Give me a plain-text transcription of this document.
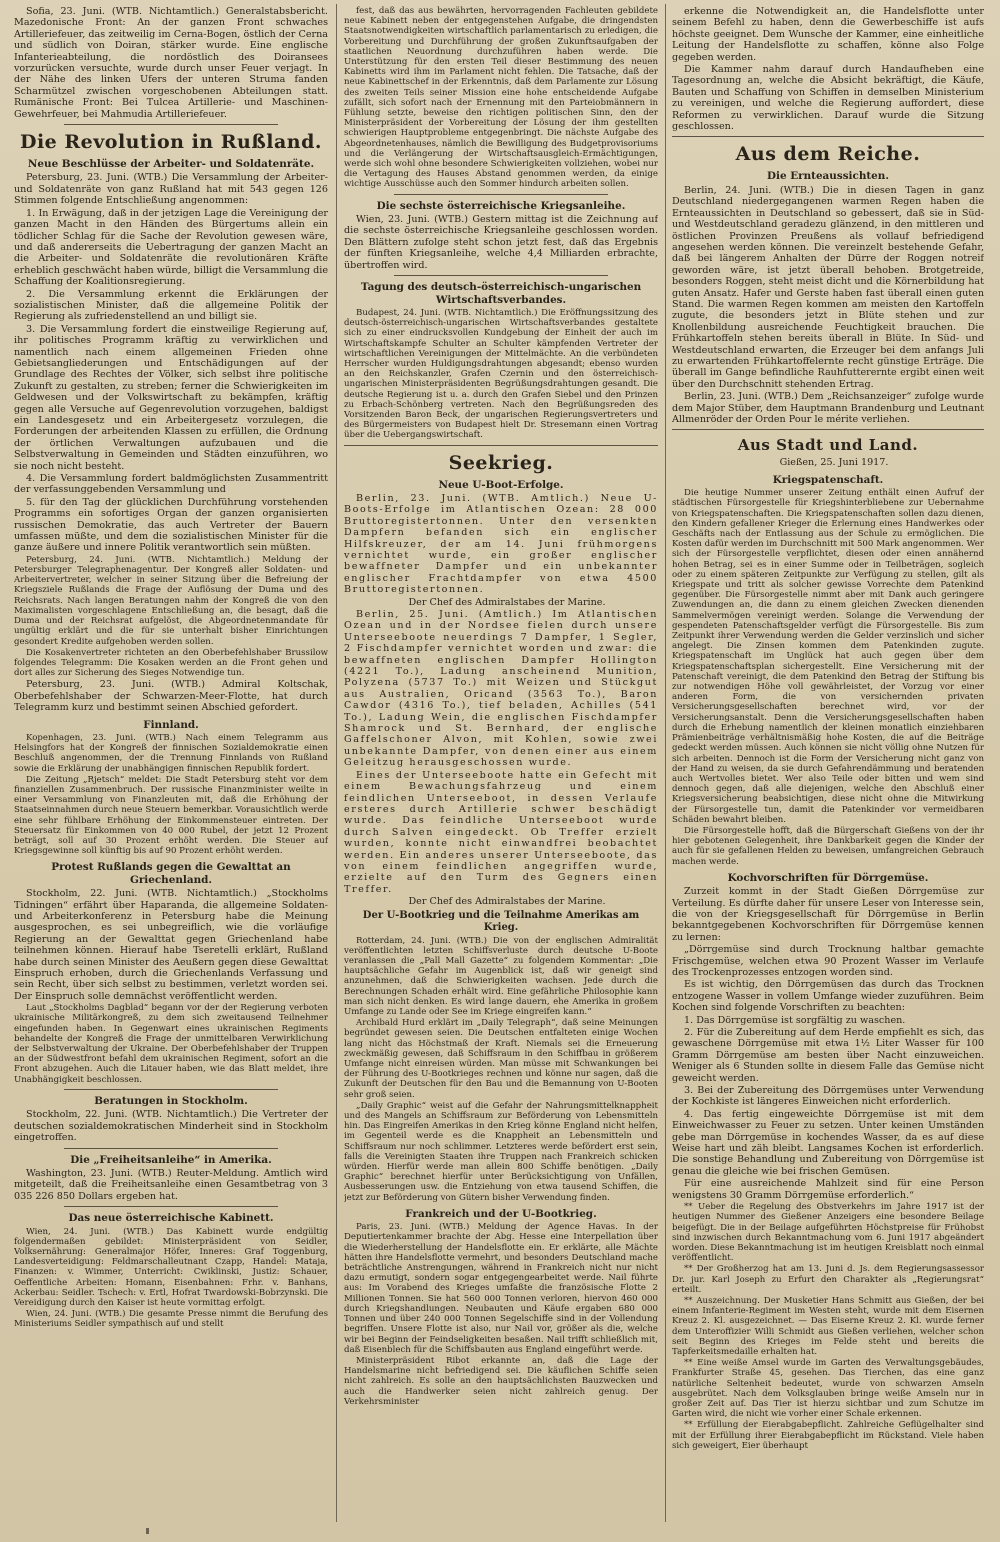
Sofia, 23. Juni. (WTB. Nichtamtlich.) Generalstabsbericht. Mazedonische Front: An der ganzen Front schwaches Artilleriefeuer, das zeitweilig im Cerna-Bogen, östlich der Cerna und südlich von Doiran, stärker wurde. Eine englische Infanterieabteilung, die nordöstlich des Doiransees vorzurücken versuchte, wurde durch unser Feuer verjagt. In der Nähe des linken Ufers der unteren Struma fanden Scharmützel zwischen vorgeschobenen Abteilungen statt. Rumänische Front: Bei Tulcea Artillerie- und Maschinen-Gewehrfeuer, bei Mahmudia Artilleriefeuer.

Die Revolution in Rußland.
Neue Beschlüsse der Arbeiter- und Soldatenräte.

Petersburg, 23. Juni. (WTB.) Die Versammlung der Arbeiter- und Soldatenräte von ganz Rußland hat mit 543 gegen 126 Stimmen folgende Entschließung angenommen:

1. In Erwägung, daß in der jetzigen Lage die Vereinigung der ganzen Macht in den Händen des Bürgertums allein ein tödlicher Schlag für die Sache der Revolution gewesen wäre, und daß andererseits die Uebertragung der ganzen Macht an die Arbeiter- und Soldatenräte die revolutionären Kräfte erheblich geschwächt haben würde, billigt die Versammlung die Schaffung der Koalitionsregierung.

2. Die Versammlung erkennt die Erklärungen der sozialistischen Minister, daß die allgemeine Politik der Regierung als zufriedenstellend an und billigt sie.

3. Die Versammlung fordert die einstweilige Regierung auf, ihr politisches Programm kräftig zu verwirklichen und namentlich nach einem allgemeinen Frieden ohne Gebietsangliederungen und Entschädigungen auf der Grundlage des Rechtes der Völker, sich selbst ihre politische Zukunft zu gestalten, zu streben; ferner die Schwierigkeiten im Geldwesen und der Volkswirtschaft zu bekämpfen, kräftig gegen alle Versuche auf Gegenrevolution vorzugehen, baldigst ein Landesgesetz und ein Arbeitergesetz vorzulegen, die Forderungen der arbeitenden Klassen zu erfüllen, die Ordnung der örtlichen Verwaltungen aufzubauen und die Selbstverwaltung in Gemeinden und Städten einzuführen, wo sie noch nicht besteht.

4. Die Versammlung fordert baldmöglichsten Zusammentritt der verfassunggebenden Versammlung und

5. für den Tag der glücklichen Durchführung vorstehenden Programms ein sofortiges Organ der ganzen organisierten russischen Demokratie, das auch Vertreter der Bauern umfassen müßte, und dem die sozialistischen Minister für die ganze äußere und innere Politik verantwortlich sein müßten.

Petersburg, 24. Juni. (WTB. Nichtamtlich.) Meldung der Petersburger Telegraphenagentur. Der Kongreß aller Soldaten- und Arbeitervertreter, welcher in seiner Sitzung über die Befreiung der Kriegsziele Rußlands die Frage der Auflösung der Duma und des Reichsrats. Nach langen Beratungen nahm der Kongreß die von den Maximalisten vorgeschlagene Entschließung an, die besagt, daß die Duma und der Reichsrat aufgelöst, die Abgeordnetenmandate für ungültig erklärt und die für sie unterhalt bisher Einrichtungen gesondert Kredite aufgehoben werden sollen.

Die Kosakenvertreter richteten an den Oberbefehlshaber Brussilow folgendes Telegramm: Die Kosaken werden an die Front gehen und dort alles zur Sicherung des Sieges Notwendige tun.

Petersburg, 23. Juni. (WTB.) Admiral Koltschak, Oberbefehlshaber der Schwarzen-Meer-Flotte, hat durch Telegramm kurz und bestimmt seinen Abschied gefordert.

Finnland.

Kopenhagen, 23. Juni. (WTB.) Nach einem Telegramm aus Helsingfors hat der Kongreß der finnischen Sozialdemokratie einen Beschluß angenommen, der die Trennung Finnlands von Rußland sowie die Erklärung der unabhängigen finnischen Republik fordert.

Die Zeitung „Rjetsch“ meldet: Die Stadt Petersburg steht vor dem finanziellen Zusammenbruch. Der russische Finanzminister weilte in einer Versammlung von Finanzleuten mit, daß die Erhöhung der Staatseinnahmen durch neue Steuern bemerkbar. Vorausichtlich werde eine sehr fühlbare Erhöhung der Einkommensteuer eintreten. Der Steuersatz für Einkommen von 40 000 Rubel, der jetzt 12 Prozent beträgt, soll auf 30 Prozent erhöht werden. Die Steuer auf Kriegsgewinne soll künftig bis auf 90 Prozent erhöht werden.

Protest Rußlands gegen die Gewalttat an Griechenland.

Stockholm, 22. Juni. (WTB. Nichtamtlich.) „Stockholms Tidningen“ erfährt über Haparanda, die allgemeine Soldaten- und Arbeiterkonferenz in Petersburg habe die Meinung ausgesprochen, es sei unbegreiflich, wie die vorläufige Regierung an der Gewalttat gegen Griechenland habe teilnehmen können. Hierauf habe Tseretelli erklärt, Rußland habe durch seinen Minister des Aeußern gegen diese Gewalttat Einspruch erhoben, durch die Griechenlands Verfassung und sein Recht, über sich selbst zu bestimmen, verletzt worden sei. Der Einspruch solle demnächst veröffentlicht werden.

Laut „Stockholms Dagblad“ begann vor der der Regierung verboten ukrainische Militärkongreß, zu dem sich zweitausend Teilnehmer eingefunden haben. In Gegenwart eines ukrainischen Regiments behandelte der Kongreß die Frage der unmittelbaren Verwirklichung der Selbstverwaltung der Ukraine. Der Oberbefehlshaber der Truppen an der Südwestfront befahl dem ukrainischen Regiment, sofort an die Front abzugehen. Auch die Litauer haben, wie das Blatt meldet, ihre Unabhängigkeit beschlossen.

Beratungen in Stockholm.

Stockholm, 22. Juni. (WTB. Nichtamtlich.) Die Vertreter der deutschen sozialdemokratischen Minderheit sind in Stockholm eingetroffen.

Die „Freiheitsanleihe“ in Amerika.

Washington, 23. Juni. (WTB.) Reuter-Meldung. Amtlich wird mitgeteilt, daß die Freiheitsanleihe einen Gesamtbetrag von 3 035 226 850 Dollars ergeben hat.

Das neue österreichische Kabinett.

Wien, 24. Juni. (WTB.) Das Kabinett wurde endgültig folgendermaßen gebildet: Ministerpräsident von Seidler, Volksernährung: Generalmajor Höfer, Inneres: Graf Toggenburg, Landesverteidigung: Feldmarschalleutnant Czapp, Handel: Mataja, Finanzen: v. Wimmer, Unterricht: Cwiklinski, Justiz: Schauer, Oeffentliche Arbeiten: Homann, Eisenbahnen: Frhr. v. Banhans, Ackerbau: Seidler. Tschech: v. Ertl, Hofrat Twardowski-Bobrzynski. Die Vereidigung durch den Kaiser ist heute vormittag erfolgt.

Wien, 24. Juni. (WTB.) Die gesamte Presse nimmt die Berufung des Ministeriums Seidler sympathisch auf und stellt

fest, daß das aus bewährten, hervorragenden Fachleuten gebildete neue Kabinett neben der entgegenstehen Aufgabe, die dringendsten Staatsnotwendigkeiten wirtschaftlich parlamentarisch zu erledigen, die Vorbereitung und Durchführung der großen Zukunftsaufgaben der staatlichen Neuordnung durchzuführen haben werde. Die Unterstützung für den ersten Teil dieser Bestimmung des neuen Kabinetts wird ihm im Parlament nicht fehlen. Die Tatsache, daß der neue Kabinettschef in der Erkenntnis, daß dem Parlamente zur Lösung des zweiten Teils seiner Mission eine hohe entscheidende Aufgabe zufällt, sich sofort nach der Ernennung mit den Parteiobmännern in Fühlung setzte, beweise den richtigen politischen Sinn, den der Ministerpräsident der Vorbereitung der Lösung der ihm gestellten schwierigen Hauptprobleme entgegenbringt. Die nächste Aufgabe des Abgeordnetenhauses, nämlich die Bewilligung des Budgetprovisoriums und die Verlängerung der Wirtschaftsausgleich-Ermächtigungen, werde sich wohl ohne besondere Schwierigkeiten vollziehen, wobei nur die Vertagung des Hauses Abstand genommen werden, da einige wichtige Ausschüsse auch den Sommer hindurch arbeiten sollen.

Die sechste österreichische Kriegsanleihe.

Wien, 23. Juni. (WTB.) Gestern mittag ist die Zeichnung auf die sechste österreichische Kriegsanleihe geschlossen worden. Den Blättern zufolge steht schon jetzt fest, daß das Ergebnis der fünften Kriegsanleihe, welche 4,4 Milliarden erbrachte, übertroffen wird.

Tagung des deutsch-österreichisch-ungarischen Wirtschaftsverbandes.

Budapest, 24. Juni. (WTB. Nichtamtlich.) Die Eröffnungssitzung des deutsch-österreichisch-ungarischen Wirtschaftsverbandes gestaltete sich zu einer eindrucksvollen Kundgebung der Einheit der auch im Wirtschaftskampfe Schulter an Schulter kämpfenden Vertreter der wirtschaftlichen Vereinigungen der Mittelmächte. An die verbündeten Herrscher wurden Huldigungsdrahtungen abgesandt; ebenso wurden an den Reichskanzler, Grafen Czernin und den österreichisch-ungarischen Ministerpräsidenten Begrüßungsdrahtungen gesandt. Die deutsche Regierung ist u. a. durch den Grafen Siebel und den Prinzen zu Erbach-Schönberg vertreten. Nach den Begrüßungsreden des Vorsitzenden Baron Beck, der ungarischen Regierungsvertreters und des Bürgermeisters von Budapest hielt Dr. Stresemann einen Vortrag über die Uebergangswirtschaft.

Seekrieg.
Neue U-Boot-Erfolge.

Berlin, 23. Juni. (WTB. Amtlich.) Neue U-Boots-Erfolge im Atlantischen Ozean: 28 000 Bruttoregistertonnen. Unter den versenkten Dampfern befanden sich ein englischer Hilfskreuzer, der am 14. Juni frühmorgens vernichtet wurde, ein großer englischer bewaffneter Dampfer und ein unbekannter englischer Frachtdampfer von etwa 4500 Bruttoregistertonnen.

Der Chef des Admiralstabes der Marine.

Berlin, 25. Juni. (Amtlich.) Im Atlantischen Ozean und in der Nordsee fielen durch unsere Unterseeboote neuerdings 7 Dampfer, 1 Segler, 2 Fischdampfer vernichtet worden und zwar: die bewaffneten englischen Dampfer Hollington (4221 To.), Ladung anscheinend Munition, Polyzena (5737 To.) mit Weizen und Stückgut aus Australien, Oricand (3563 To.), Baron Cawdor (4316 To.), tief beladen, Achilles (541 To.), Ladung Wein, die englischen Fischdampfer Shamrock und St. Bernhard, der englische Gaffelschoner Alvon, mit Kohlen, sowie zwei unbekannte Dampfer, von denen einer aus einem Geleitzug herausgeschossen wurde.

Eines der Unterseeboote hatte ein Gefecht mit einem Bewachungsfahrzeug und einem feindlichen Unterseeboot, in dessen Verlaufe ersteres durch Artillerie schwer beschädigt wurde. Das feindliche Unterseeboot wurde durch Salven eingedeckt. Ob Treffer erzielt wurden, konnte nicht einwandfrei beobachtet werden. Ein anderes unserer Unterseeboote, das von einem feindlichen angegriffen wurde, erzielte auf den Turm des Gegners einen Treffer.

Der Chef des Admiralstabes der Marine.

Der U-Bootkrieg und die Teilnahme Amerikas am Krieg.

Rotterdam, 24. Juni. (WTB.) Die von der englischen Admiralität veröffentlichten letzten Schiffsverluste durch deutsche U-Boote veranlassen die „Pall Mall Gazette“ zu folgendem Kommentar: „Die hauptsächliche Gefahr im Augenblick ist, daß wir geneigt sind anzunehmen, daß die Schwierigkeiten wachsen. Jede durch die Berechnungen Schaden erhält wird. Eine gefährliche Philosophie kann man sich nicht denken. Es wird lange dauern, ehe Amerika in großem Umfange zu Lande oder See im Kriege eingreifen kann.“

Archibald Hurd erklärt im „Daily Telegraph“, daß seine Meinungen begründet gewesen seien. Die Deutschen entfalteten einige Wochen lang nicht das Höchstmaß der Kraft. Niemals sei die Erneuerung zweckmäßig gewesen, daß Schiffsraum in den Schiffbau in größerem Umfange nicht einreisen würden. Man müsse mit Schwankungen bei der Führung des U-Bootkrieges rechnen und könne nur sagen, daß die Zukunft der Deutschen für den Bau und die Bemannung von U-Booten sehr groß seien.

„Daily Graphic“ weist auf die Gefahr der Nahrungsmittelknappheit und des Mangels an Schiffsraum zur Beförderung von Lebensmitteln hin. Das Eingreifen Amerikas in den Krieg könne England nicht helfen, im Gegenteil werde es die Knappheit an Lebensmitteln und Schiffsraum nur noch schlimmer. Letzteres werde befördert erst sein, falls die Vereinigten Staaten ihre Truppen nach Frankreich schicken würden. Hierfür werde man allein 800 Schiffe benötigen. „Daily Graphic“ berechnet hierfür unter Berücksichtigung von Unfällen, Ausbesserungen usw. die Entziehung von etwa tausend Schiffen, die jetzt zur Beförderung von Gütern bisher Verwendung finden.

Frankreich und der U-Bootkrieg.

Paris, 23. Juni. (WTB.) Meldung der Agence Havas. In der Deputiertenkammer brachte der Abg. Hesse eine Interpellation über die Wiederherstellung der Handelsflotte ein. Er erklärte, alle Mächte hätten ihre Handelsflotte vermehrt, und besonders Deutschland mache beträchtliche Anstrengungen, während in Frankreich nicht nur nicht dazu ermutigt, sondern sogar entgegengearbeitet werde. Nail führte aus: Im Vorabend des Krieges umfaßte die französische Flotte 2 Millionen Tonnen. Sie hat 560 000 Tonnen verloren, hiervon 460 000 durch Kriegshandlungen. Neubauten und Käufe ergaben 680 000 Tonnen und über 240 000 Tonnen Segelschiffe sind in der Vollendung begriffen. Unsere Flotte ist also, nur Nail vor, größer als die, welche wir bei Beginn der Feindseligkeiten besaßen. Nail trifft schließlich mit, daß Eisenblech für die Schiffsbauten aus England eingeführt werde.

Ministerpräsident Ribot erkannte an, daß die Lage der Handelsmarine nicht befriedigend sei. Die käuflichen Schiffe seien nicht zahlreich. Es solle an den hauptsächlichsten Bauzwecken und auch die Handwerker seien nicht zahlreich genug. Der Verkehrsminister

erkenne die Notwendigkeit an, die Handelsflotte unter seinem Befehl zu haben, denn die Gewerbeschiffe ist aufs höchste geeignet. Dem Wunsche der Kammer, eine einheitliche Leitung der Handelsflotte zu schaffen, könne also Folge gegeben werden.

Die Kammer nahm darauf durch Handaufheben eine Tagesordnung an, welche die Absicht bekräftigt, die Käufe, Bauten und Schaffung von Schiffen in demselben Ministerium zu vereinigen, und welche die Regierung auffordert, diese Reformen zu verwirklichen. Darauf wurde die Sitzung geschlossen.

Aus dem Reiche.
Die Ernteaussichten.

Berlin, 24. Juni. (WTB.) Die in diesen Tagen in ganz Deutschland niedergegangenen warmen Regen haben die Ernteaussichten in Deutschland so gebessert, daß sie in Süd- und Westdeutschland geradezu glänzend, in den mittleren und östlichen Provinzen Preußens als vollauf befriedigend angesehen werden können. Die vereinzelt bestehende Gefahr, daß bei längerem Anhalten der Dürre der Roggen notreif geworden wäre, ist jetzt überall behoben. Brotgetreide, besonders Roggen, steht meist dicht und die Körnerbildung hat guten Ansatz. Hafer und Gerste haben fast überall einen guten Stand. Die warmen Regen kommen am meisten den Kartoffeln zugute, die besonders jetzt in Blüte stehen und zur Knollenbildung ausreichende Feuchtigkeit brauchen. Die Frühkartoffeln stehen bereits überall in Blüte. In Süd- und Westdeutschland erwarten, die Erzeuger bei dem anfangs Juli zu erwartenden Frühkartoffelernte recht günstige Erträge. Die überall im Gange befindliche Rauhfutterernte ergibt einen weit über den Durchschnitt stehenden Ertrag.

Berlin, 23. Juni. (WTB.) Dem „Reichsanzeiger“ zufolge wurde dem Major Stüber, dem Hauptmann Brandenburg und Leutnant Allmenröder der Orden Pour le mérite verliehen.

Aus Stadt und Land.

Gießen, 25. Juni 1917.

Kriegspatenschaft.

Die heutige Nummer unserer Zeitung enthält einen Aufruf der städtischen Fürsorgestelle für Kriegshinterbliebene zur Uebernahme von Kriegspatenschaften. Die Kriegspatenschaften sollen dazu dienen, den Kindern gefallener Krieger die Erlernung eines Handwerkes oder Geschäfts nach der Entlassung aus der Schule zu ermöglichen. Die Kosten dafür werden im Durchschnitt mit 500 Mark angenommen. Wer sich der Fürsorgestelle verpflichtet, diesen oder einen annähernd hohen Betrag, sei es in einer Summe oder in Teilbeträgen, sogleich oder zu einem späteren Zeitpunkte zur Verfügung zu stellen, gilt als Kriegspate und tritt als solcher gewisse Vorrechte dem Patenkind gegenüber. Die Fürsorgestelle nimmt aber mit Dank auch geringere Zuwendungen an, die dann zu einem gleichen Zwecken dienenden Sammelvermögen vereinigt werden. Solange die Verwendung der gespendeten Patenschaftsgelder verfügt die Fürsorgestelle. Bis zum Zeitpunkt ihrer Verwendung werden die Gelder verzinslich und sicher angelegt. Die Zinsen kommen dem Patenkinden zugute. Kriegspatenschaft im Unglück hat auch gegen über dem Kriegspatenschaftsplan sichergestellt. Eine Versicherung mit der Patenschaft vereinigt, die dem Patenkind den Betrag der Stiftung bis zur notwendigen Höhe voll gewährleistet, der Vorzug vor einer anderen Form, die von versichernden privaten Versicherungsgesellschaften berechnet wird, vor der Versicherungsanstalt. Denn die Versicherungsgesellschaften haben durch die Erhebung namentlich der kleinen monatlich einziehbaren Prämienbeiträge verhältnismäßig hohe Kosten, die auf die Beiträge gedeckt werden müssen. Auch können sie nicht völlig ohne Nutzen für sich arbeiten. Dennoch ist die Form der Versicherung nicht ganz von der Hand zu weisen, da sie durch Gefahrendämmung und beratenden auch Wertvolles bietet. Wer also Teile oder bitten und wem sind dennoch gegen, daß alle diejenigen, welche den Abschluß einer Kriegsversicherung beabsichtigen, diese nicht ohne die Mitwirkung der Fürsorgestelle tun, damit die Patenkinder vor vermeidbaren Schäden bewahrt bleiben.

Die Fürsorgestelle hofft, daß die Bürgerschaft Gießens von der ihr hier gebotenen Gelegenheit, ihre Dankbarkeit gegen die Kinder der auch für sie gefallenen Helden zu beweisen, umfangreichen Gebrauch machen werde.

Kochvorschriften für Dörrgemüse.

Zurzeit kommt in der Stadt Gießen Dörrgemüse zur Verteilung. Es dürfte daher für unsere Leser von Interesse sein, die von der Kriegsgesellschaft für Dörrgemüse in Berlin bekanntgegebenen Kochvorschriften für Dörrgemüse kennen zu lernen:

„Dörrgemüse sind durch Trocknung haltbar gemachte Frischgemüse, welchen etwa 90 Prozent Wasser im Verlaufe des Trockenprozesses entzogen worden sind.

Es ist wichtig, den Dörrgemüsen das durch das Trocknen entzogene Wasser in vollem Umfange wieder zuzuführen. Beim Kochen sind folgende Vorschriften zu beachten:

1. Das Dörrgemüse ist sorgfältig zu waschen.

2. Für die Zubereitung auf dem Herde empfiehlt es sich, das gewaschene Dörrgemüse mit etwa 1½ Liter Wasser für 100 Gramm Dörrgemüse am besten über Nacht einzuweichen. Weniger als 6 Stunden sollte in diesem Falle das Gemüse nicht geweicht werden.

3. Bei der Zubereitung des Dörrgemüses unter Verwendung der Kochkiste ist längeres Einweichen nicht erforderlich.

4. Das fertig eingeweichte Dörrgemüse ist mit dem Einweichwasser zu Feuer zu setzen. Unter keinen Umständen gebe man Dörrgemüse in kochendes Wasser, da es auf diese Weise hart und zäh bleibt. Langsames Kochen ist erforderlich. Die sonstige Behandlung und Zubereitung von Dörrgemüse ist genau die gleiche wie bei frischen Gemüsen.

Für eine ausreichende Mahlzeit sind für eine Person wenigstens 30 Gramm Dörrgemüse erforderlich.“

** Ueber die Regelung des Obstverkehrs im Jahre 1917 ist der heutigen Nummer des Gießener Anzeigers eine besondere Beilage beigefügt. Die in der Beilage aufgeführten Höchstpreise für Frühobst sind inzwischen durch Bekanntmachung vom 6. Juni 1917 abgeändert worden. Diese Bekanntmachung ist im heutigen Kreisblatt noch einmal veröffentlicht.

** Der Großherzog hat am 13. Juni d. Js. dem Regierungsassessor Dr. jur. Karl Joseph zu Erfurt den Charakter als „Regierungsrat“ erteilt.

** Auszeichnung. Der Musketier Hans Schmitt aus Gießen, der bei einem Infanterie-Regiment im Westen steht, wurde mit dem Eisernen Kreuz 2. Kl. ausgezeichnet. — Das Eiserne Kreuz 2. Kl. wurde ferner dem Unteroffizier Willi Schmidt aus Gießen verliehen, welcher schon seit Beginn des Krieges im Felde steht und bereits die Tapferkeitsmedaille erhalten hat.

** Eine weiße Amsel wurde im Garten des Verwaltungsgebäudes, Frankfurter Straße 45, gesehen. Das Tierchen, das eine ganz natürliche Seltenheit bedeutet, wurde von schwarzen Amseln ausgebrütet. Nach dem Volksglauben bringe weiße Amseln nur in großer Zeit auf. Das Tier ist hierzu sichtbar und zum Schutze im Garten wird, die nicht wie vorher einer Schale erkennen.

** Erfüllung der Eierabgabepflicht. Zahlreiche Geflügelhalter sind mit der Erfüllung ihrer Eierabgabepflicht im Rückstand. Viele haben sich geweigert, Eier überhaupt
